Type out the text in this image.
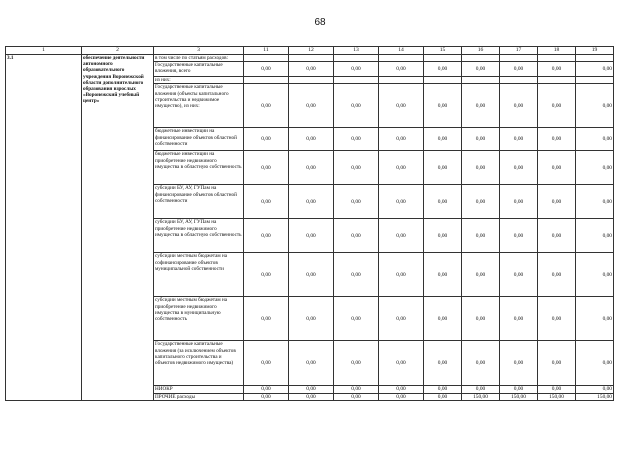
68
1	2	3	11	12	13	14	15	16	17	18	19
3.1	обеспечение деятельности автономного образовательного учреждения Воронежской области дополнительного образования взрослых «Воронежский учебный центр»	в том числе по статьям расходов:									
		Государственные капитальные вложения, всего	0,00	0,00	0,00	0,00	0,00	0,00	0,00	0,00	0,00
		из них:									
		Государственные капитальные вложения (объекты капитального строительства и недвижимое имущество), из них:	0,00	0,00	0,00	0,00	0,00	0,00	0,00	0,00	0,00
		бюджетные инвестиции на финансирование объектов областной собственности	0,00	0,00	0,00	0,00	0,00	0,00	0,00	0,00	0,00
		бюджетные инвестиции на приобретение недвижимого имущества в областную собственность	0,00	0,00	0,00	0,00	0,00	0,00	0,00	0,00	0,00
		субсидии БУ, АУ, ГУПам на финансирование объектов областной собственности	0,00	0,00	0,00	0,00	0,00	0,00	0,00	0,00	0,00
		субсидии БУ, АУ, ГУПам на приобретение недвижимого имущества в областную собственность	0,00	0,00	0,00	0,00	0,00	0,00	0,00	0,00	0,00
		субсидии местным бюджетам на софинансирование объектов муниципальной собственности	0,00	0,00	0,00	0,00	0,00	0,00	0,00	0,00	0,00
		субсидии местным бюджетам на приобретение недвижимого имущества в муниципальную собственность	0,00	0,00	0,00	0,00	0,00	0,00	0,00	0,00	0,00
		Государственные капитальные вложения (за исключением объектов капитального строительства и объектов недвижимого имущества)	0,00	0,00	0,00	0,00	0,00	0,00	0,00	0,00	0,00
		НИОКР	0,00	0,00	0,00	0,00	0,00	0,00	0,00	0,00	0,00
		ПРОЧИЕ расходы	0,00	0,00	0,00	0,00	0,00	150,00	150,00	150,00	150,00
